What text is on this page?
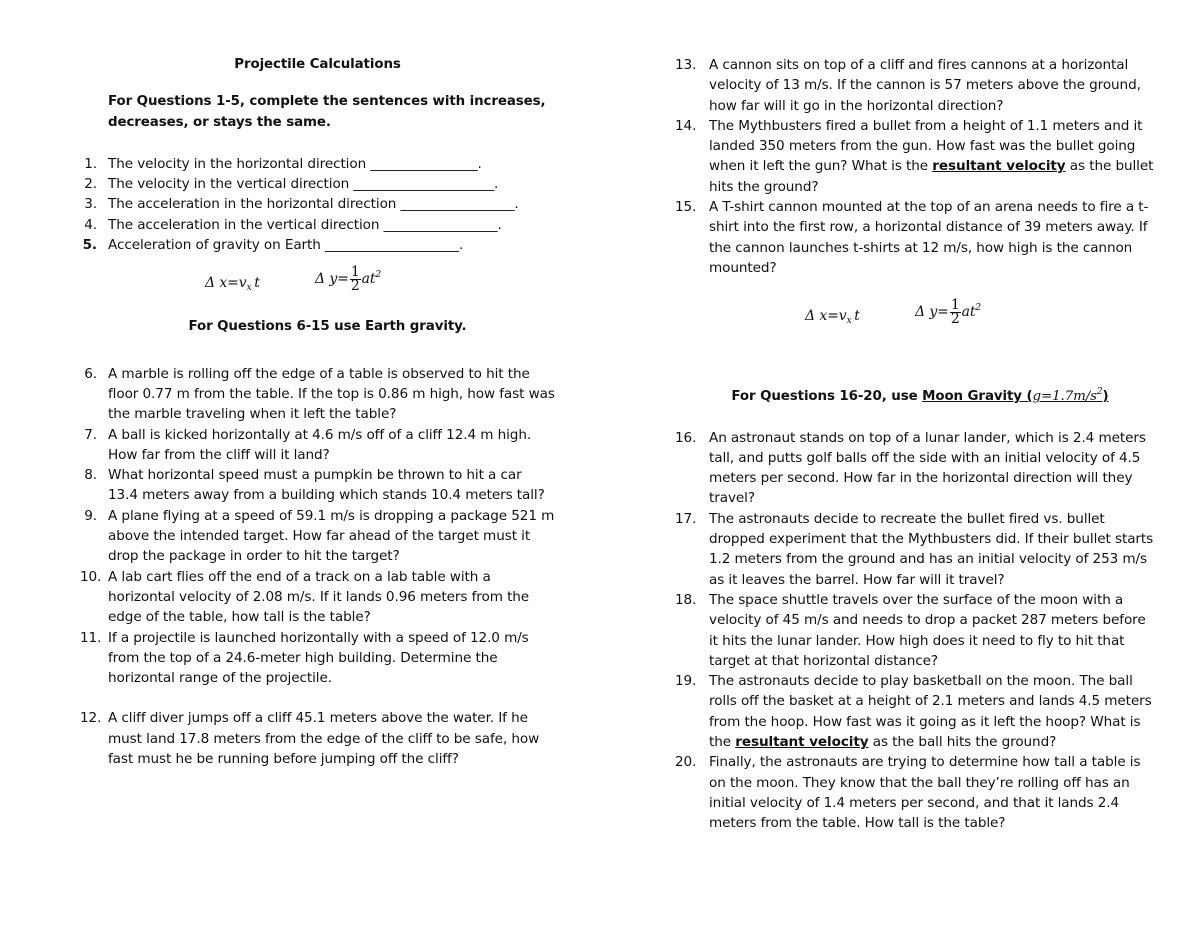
Projectile Calculations
For Questions 1-5, complete the sentences with increases, decreases, or stays the same.
1. The velocity in the horizontal direction ________________.
2. The velocity in the vertical direction _____________________.
3. The acceleration in the horizontal direction _________________.
4. The acceleration in the vertical direction _________________.
5. Acceleration of gravity on Earth ____________________.
Δ $x=v_x$  t	Δ $y= \frac{1}{2} at^2$
For Questions 6-15 use Earth gravity.
6. A marble is rolling off the edge of a table is observed to hit the floor 0.77 m from the table. If the top is 0.86 m high, how fast was the marble traveling when it left the table?
7. A ball is kicked horizontally at 4.6 m/s off of a cliff 12.4 m high. How far from the cliff will it land?
8. What horizontal speed must a pumpkin be thrown to hit a car 13.4 meters away from a building which stands 10.4 meters tall?
9. A plane flying at a speed of 59.1 m/s is dropping a package 521 m above the intended target. How far ahead of the target must it drop the package in order to hit the target?
10. A lab cart flies off the end of a track on a lab table with a horizontal velocity of 2.08 m/s. If it lands 0.96 meters from the edge of the table, how tall is the table?
11. If a projectile is launched horizontally with a speed of 12.0 m/s from the top of a 24.6-meter high building. Determine the horizontal range of the projectile.
12. A cliff diver jumps off a cliff 45.1 meters above the water. If he must land 17.8 meters from the edge of the cliff to be safe, how fast must he be running before jumping off the cliff?
13. A cannon sits on top of a cliff and fires cannons at a horizontal velocity of 13 m/s. If the cannon is 57 meters above the ground, how far will it go in the horizontal direction?
14. The Mythbusters fired a bullet from a height of 1.1 meters and it landed 350 meters from the gun. How fast was the bullet going when it left the gun? What is the resultant velocity as the bullet hits the ground?
15. A T-shirt cannon mounted at the top of an arena needs to fire a t-shirt into the first row, a horizontal distance of 39 meters away. If the cannon launches t-shirts at 12 m/s, how high is the cannon mounted?
Δ $x=v_x$  t	Δ $y= \frac{1}{2} at^2$
For Questions 16-20, use Moon Gravity $(g=1.7m/s^2)$
16. An astronaut stands on top of a lunar lander, which is 2.4 meters tall, and putts golf balls off the side with an initial velocity of 4.5 meters per second. How far in the horizontal direction will they travel?
17. The astronauts decide to recreate the bullet fired vs. bullet dropped experiment that the Mythbusters did. If their bullet starts 1.2 meters from the ground and has an initial velocity of 253 m/s as it leaves the barrel. How far will it travel?
18. The space shuttle travels over the surface of the moon with a velocity of 45 m/s and needs to drop a packet 287 meters before it hits the lunar lander. How high does it need to fly to hit that target at that horizontal distance?
19. The astronauts decide to play basketball on the moon. The ball rolls off the basket at a height of 2.1 meters and lands 4.5 meters from the hoop. How fast was it going as it left the hoop? What is the resultant velocity as the ball hits the ground?
20. Finally, the astronauts are trying to determine how tall a table is on the moon. They know that the ball they’re rolling off has an initial velocity of 1.4 meters per second, and that it lands 2.4 meters from the table. How tall is the table?
